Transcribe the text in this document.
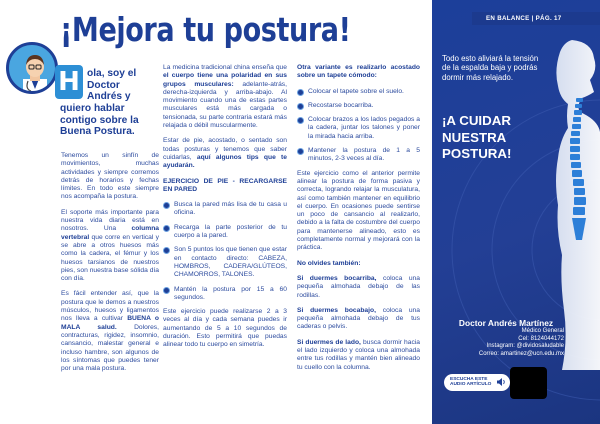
¡Mejora tu postura!
H ola, soy el Doctor Andrés y
quiero hablar contigo sobre la Buena Postura.

Tenemos un sinfín de movimientos, muchas actividades y siempre corremos detrás de horarios y fechas límites. En todo este siempre nos acompaña la postura.

El soporte más importante para nuestra vida diaria está en nosotros. Una columna vertebral que corre en vertical y se abre a otros huesos más como la cadera, el fémur y los huesos tarsianos de nuestros pies, son nuestra base sólida día con día.

Es fácil entender así, que la postura que le demos a nuestros músculos, huesos y ligamentos nos lleva a cultivar BUENA o MALA salud. Dolores, contracturas, rigidez, insomnio, cansancio, malestar general e incluso hambre, son algunos de los síntomas que puedes tener por una mala postura.

La medicina tradicional china enseña que el cuerpo tiene una polaridad en sus grupos musculares: adelante-atrás, derecha-izquierda y arriba-abajo. Al movimiento cuando una de estas partes musculares está más cargada o tensionada, su parte contraria estará más relajada o débil muscularmente.

Estar de pie, acostado, o sentado son todas posturas y tenemos que saber cuidarlas, aquí algunos tips que te ayudarán.

EJERCICIO DE PIE - RECARGARSE EN PARED

Busca la pared más lisa de tu casa u oficina.
Recarga la parte posterior de tu cuerpo a la pared.
Son 5 puntos los que tienen que estar en contacto directo: CABEZA, HOMBROS, CADERA/GLÚTEOS, CHAMORROS, TALONES.
Mantén la postura por 15 a 60 segundos.

Este ejercicio puede realizarse 2 a 3 veces al día y cada semana puedes ir aumentando de 5 a 10 segundos de duración. Esto permitirá que puedas alinear todo tu cuerpo en simetría.

Otra variante es realizarlo acostado sobre un tapete cómodo:

Colocar el tapete sobre el suelo.
Recostarse bocarriba.
Colocar brazos a los lados pegados a la cadera, juntar los talones y poner la mirada hacia arriba.
Mantener la postura de 1 a 5 minutos, 2-3 veces al día.

Este ejercicio como el anterior permite alinear la postura de forma pasiva y correcta, logrando relajar la musculatura, así como también mantener en equilibrio el cuerpo. En ocasiones puede sentirse un poco de cansancio al realizarlo, debido a la falta de costumbre del cuerpo para mantenerse alineado, esto es completamente normal y mejorará con la práctica.

No olvides también:

Si duermes bocarriba, coloca una pequeña almohada debajo de las rodillas.

Si duermes bocabajo, coloca una pequeña almohada debajo de tus caderas o pelvis.

Si duermes de lado, busca dormir hacia el lado izquierdo y coloca una almohada entre tus rodillas y mantén bien alineado tu cuello con la columna.

EN BALANCE | PÁG. 17
Todo esto aliviará la tensión de la espalda baja y podrás dormir más relajado.
¡A CUIDAR NUESTRA POSTURA!
Doctor Andrés Martínez
Médico General
Cel: 8124044172
Instagram: @dividosaludable
Correo: amartinez@ucn.edu.mx
ESCUCHA ESTE AUDIO ARTÍCULO
